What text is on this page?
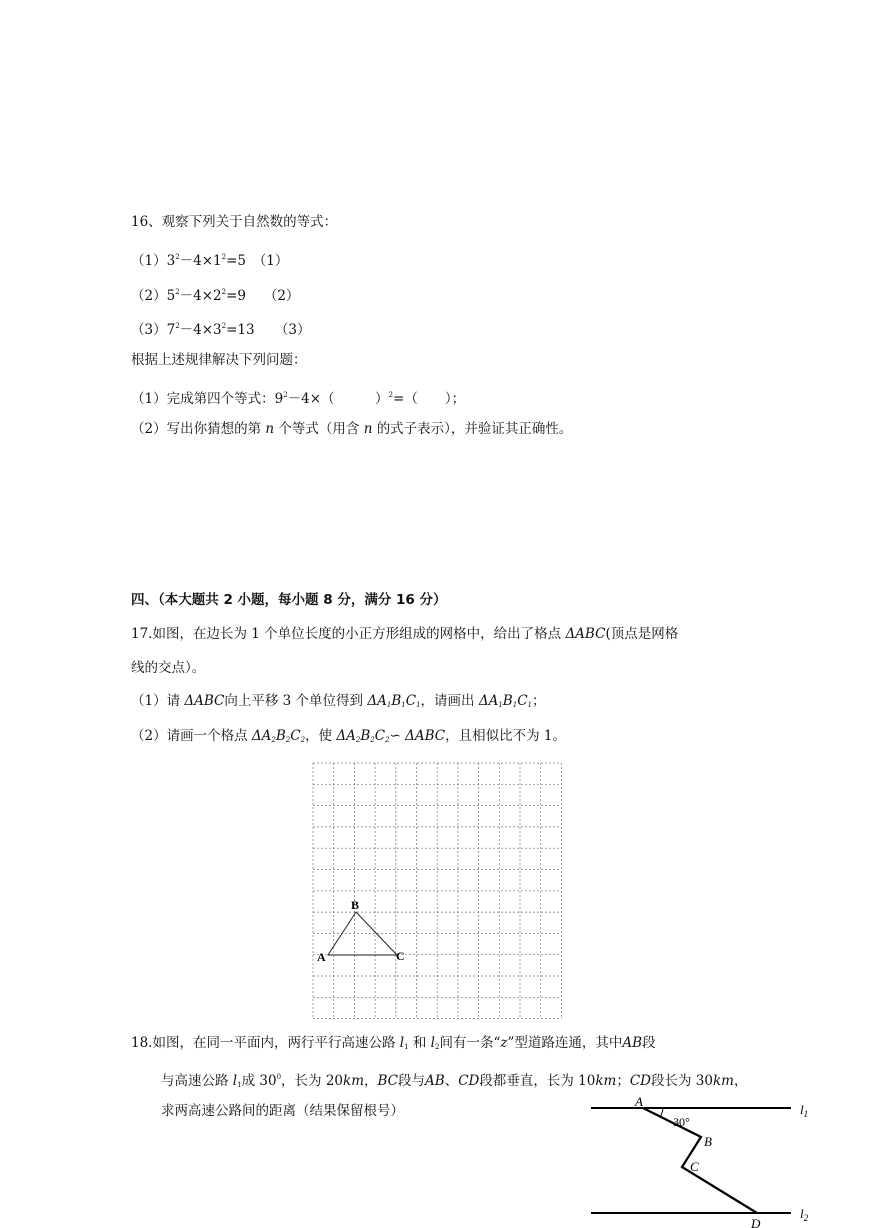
16、观察下列关于自然数的等式：
$(1)3^2-4\times 1^2=5$　（1）
$(2)5^2-4\times 2^2=9$　 （2）
$(3)7^2-4\times 3^2=13$　　（3）
根据上述规律解决下列问题：
（1）完成第四个等式：$9^2-4\times$（　　　）$^2$=（　　）；
（2）写出你猜想的第 n 个等式（用含 n 的式子表示），并验证其正确性。
四、（本大题共 2 小题，每小题 8 分，满分 16 分）
17.如图，在边长为 1 个单位长度的小正方形组成的网格中，给出了格点 ΔABC(顶点是网格
线的交点）。
（1）请 ΔABC向上平移 3 个单位得到 $\Delta A_1B_1C_1$，请画出 $\Delta A_1B_1C_1$；
（2）请画一个格点 $\Delta A_2B_2C_2$，使 $\Delta A_2B_2C_2∽$ ΔABC，且相似比不为 1。
A
B
C
18.如图，在同一平面内，两行平行高速公路 $l_1$ 和 $l_2$间有一条“z”型道路连通，其中AB段
与高速公路 $l_1$成 $30^0$，长为 20km，BC段与AB、CD段都垂直，长为 10km；CD段长为 30km，
求两高速公路间的距离（结果保留根号）
A
30°
B
C
D
$l_1$
$l_2$
